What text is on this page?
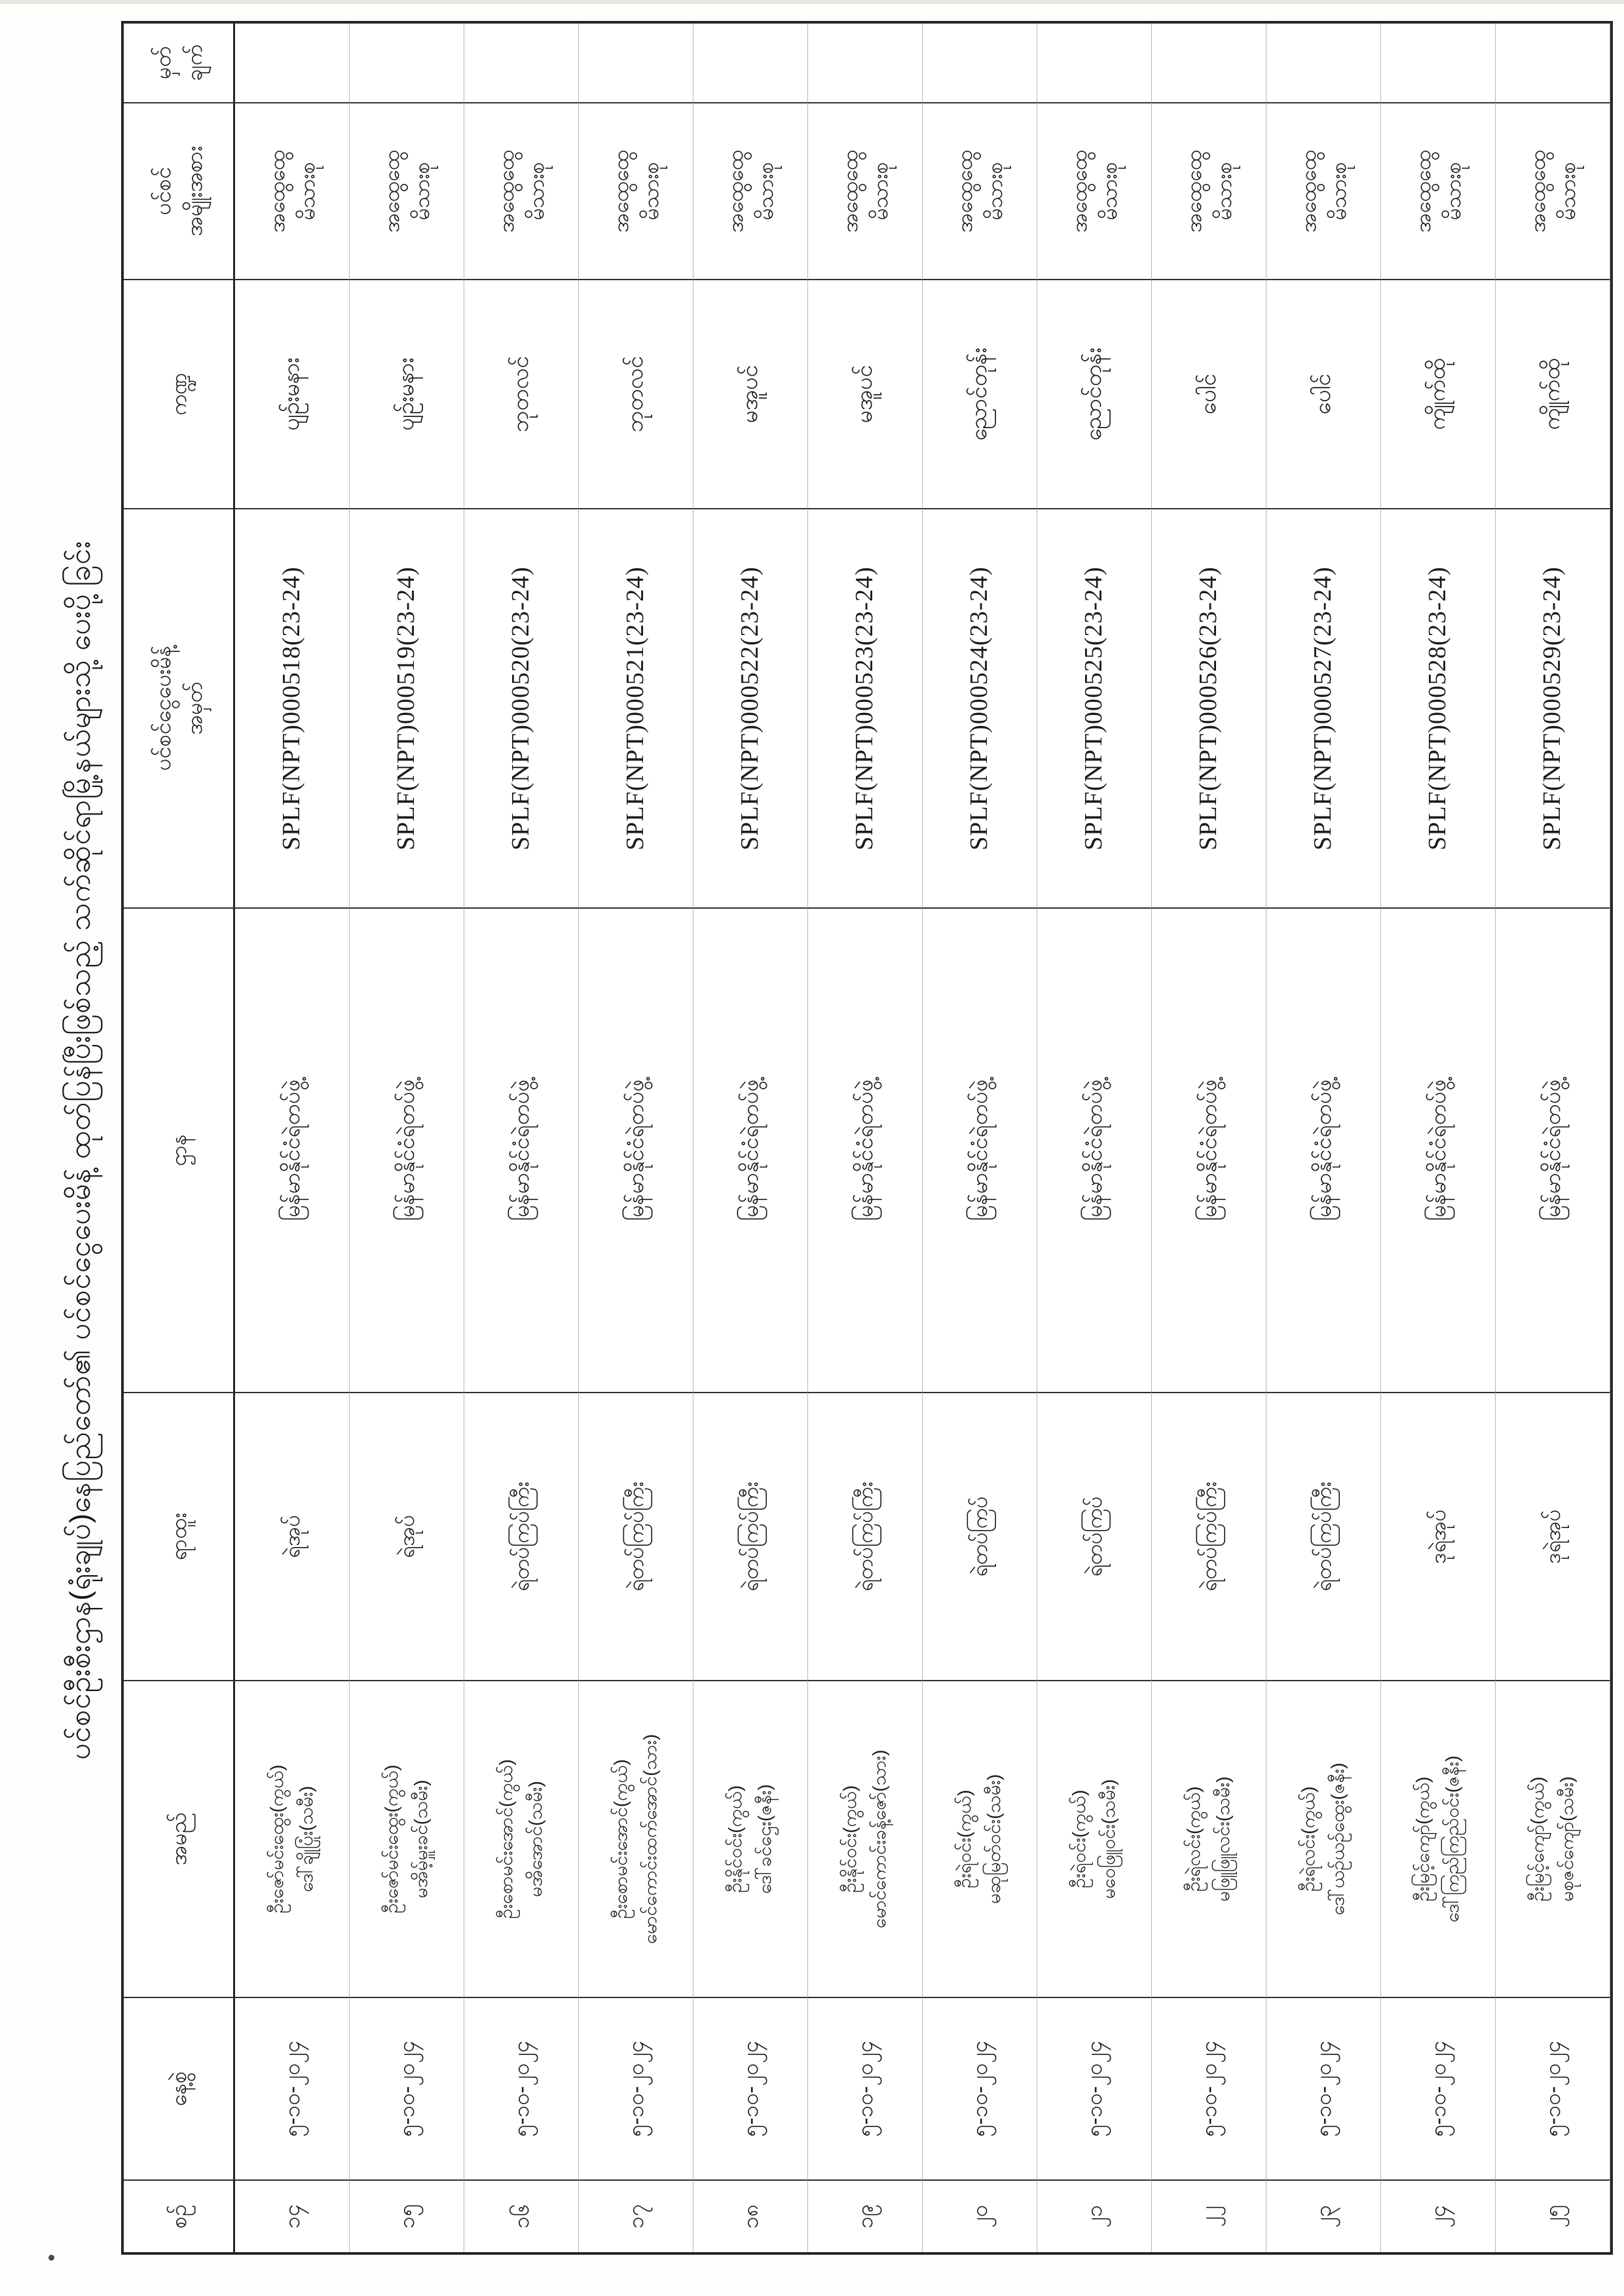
ပင်စင်ဦးစီးဌာန(ရုံးချုပ်)နေပြည်တော်၏ ပင်စင်ငွေပေးမိန့် ထုတ်ပြန်ပြီးဖြစ်သည့် သက်ဆိုင်ရာမြို့နယ်များသို့ ပေးပို့ခြင်း
စဉ်
နေ့စွဲ
အမည်
ရာထူး
ဌာန
ပင်စင်ငွေပေးမိန့် အမှတ်
ကဏ္ဍ
ပင်စင် အမျိုးအစား
မှတ် ချက်
၁၄
၅-၁၀-၂၀၂၄
ဦးဇော်မင်းထွေး(ကွယ်) ဒေါ်ချိုပြုံး(သမီး)
ရဲအုပ်
မြန်မာနိုင်ငံရဲတပ်ဖွဲ့
SPLF(NPT)000518(23-24)
ပျဉ်းမနား
အထွေထွေ မိသားစု
၁၅
၅-၁၀-၂၀၂၄
ဦးဇော်မင်းထွေး(ကွယ်) မအိမ့်မှူးခင်(သမီး)
ရဲအုပ်
မြန်မာနိုင်ငံရဲတပ်ဖွဲ့
SPLF(NPT)000519(23-24)
ပျဉ်းမနား
အထွေထွေ မိသားစု
၁၆
၅-၁၀-၂၀၂၄
ဦးစောမင်းအောင်(ကွယ်) မအိအောင်(သမီး)
ရဲတပ်ကြပ်ကြီး
မြန်မာနိုင်ငံရဲတပ်ဖွဲ့
SPLF(NPT)000520(23-24)
ဘုတလင်
အထွေထွေ မိသားစု
၁၇
၅-၁၀-၂၀၂၄
ဦးစောမင်းအောင်(ကွယ်) မောင်ကောင်းထက်အောင်(သား)
ရဲတပ်ကြပ်ကြီး
မြန်မာနိုင်ငံရဲတပ်ဖွဲ့
SPLF(NPT)000521(23-24)
ဘုတလင်
အထွေထွေ မိသားစု
၁၈
၅-၁၀-၂၀၂၄
ဦးနိုင်ဝင်း(ကွယ်) ဒေါ်ခင်ဌေး(ဇနီး)
ရဲတပ်ကြပ်ကြီး
မြန်မာနိုင်ငံရဲတပ်ဖွဲ့
SPLF(NPT)000522(23-24)
မအူပင်
အထွေထွေ မိသားစု
၁၉
၅-၁၀-၂၀၂၄
ဦးနိုင်ဝင်း(ကွယ်) မောင်ကောင်းခန့်ဇော်(သား)
ရဲတပ်ကြပ်ကြီး
မြန်မာနိုင်ငံရဲတပ်ဖွဲ့
SPLF(NPT)000523(23-24)
မအူပင်
အထွေထွေ မိသားစု
၂၀
၅-၁၀-၂၀၂၄
ဦးရဲဝင်း(ကွယ်) မဆုမြတ်ဝင်း(သမီး)
ရဲတပ်ကြပ်
မြန်မာနိုင်ငံရဲတပ်ဖွဲ့
SPLF(NPT)000524(23-24)
ညောင်တုန်း
အထွေထွေ မိသားစု
၂၁
၅-၁၀-၂၀၂၄
ဦးရဲဝင်း(ကွယ်) မဝေဖြူဝင်း(သမီး)
ရဲတပ်ကြပ်
မြန်မာနိုင်ငံရဲတပ်ဖွဲ့
SPLF(NPT)000525(23-24)
ညောင်တုန်း
အထွေထွေ မိသားစု
၂၂
၅-၁၀-၂၀၂၄
ဦးရဲလင်း(ကွယ်) မဖြူဖြူလင်း(သမီး)
ရဲတပ်ကြပ်ကြီး
မြန်မာနိုင်ငံရဲတပ်ဖွဲ့
SPLF(NPT)000526(23-24)
ပေါင်
အထွေထွေ မိသားစု
၂၃
၅-၁၀-၂၀၂၄
ဦးရဲလင်း(ကွယ်) ဒေါ်ယဉ်ယဉ်ထွေး(ဇနီး)
ရဲတပ်ကြပ်ကြီး
မြန်မာနိုင်ငံရဲတပ်ဖွဲ့
SPLF(NPT)000527(23-24)
ပေါင်
အထွေထွေ မိသားစု
၂၄
၅-၁၀-၂၀၂၄
ဦးမြင့်ကျော်(ကွယ်) ဒေါ်ကြည်ကြည်ဝင်း(ဇနီး)
ဒုရဲအုပ်
မြန်မာနိုင်ငံရဲတပ်ဖွဲ့
SPLF(NPT)000528(23-24)
ကျိုက်ထို
အထွေထွေ မိသားစု
၂၅
၅-၁၀-၂၀၂၄
ဦးမြင့်ကျော်(ကွယ်) မစုဇင်ကျော်(သမီး)
ဒုရဲအုပ်
မြန်မာနိုင်ငံရဲတပ်ဖွဲ့
SPLF(NPT)000529(23-24)
ကျိုက်ထို
အထွေထွေ မိသားစု
